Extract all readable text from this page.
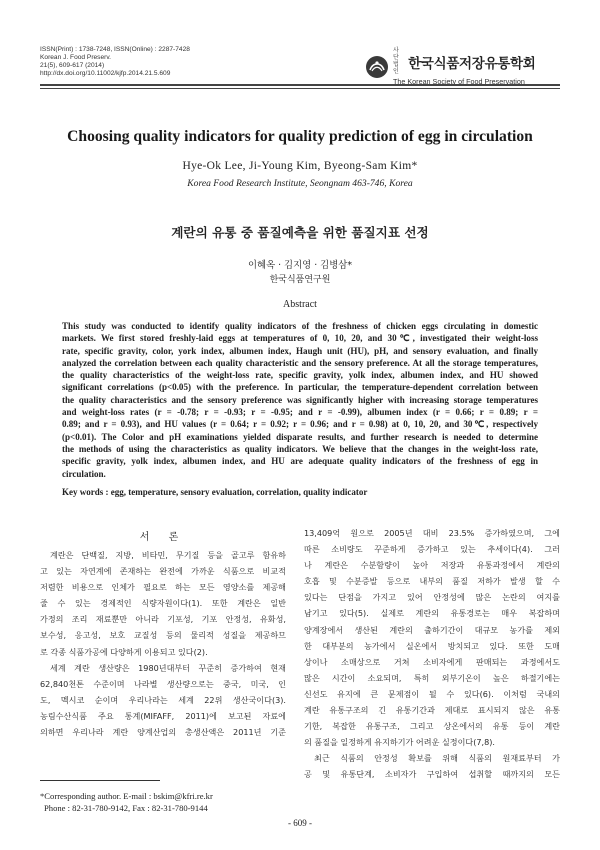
ISSN(Print) : 1738-7248, ISSN(Online) : 2287-7428
Korean J. Food Preserv.
21(5), 609-617 (2014)
http://dx.doi.org/10.11002/kjfp.2014.21.5.609
사단법인 한국식품저장유통학회
The Korean Society of Food Preservation
Choosing quality indicators for quality prediction of egg in circulation
Hye-Ok Lee, Ji-Young Kim, Byeong-Sam Kim*
Korea Food Research Institute, Seongnam 463-746, Korea
계란의 유통 중 품질예측을 위한 품질지표 선정
이혜옥 · 김지영 · 김병삼*
한국식품연구원
Abstract
This study was conducted to identify quality indicators of the freshness of chicken eggs circulating in domestic
markets. We first stored freshly-laid eggs at temperatures of 0, 10, 20, and 30℃, investigated their weight-loss
rate, specific gravity, color, york index, albumen index, Haugh unit (HU), pH, and sensory evaluation, and finally
analyzed the correlation between each quality characteristic and the sensory preference. At all the storage temperatures,
the quality characteristics of the weight-loss rate, specific gravity, yolk index, albumen index, and HU showed
significant correlations (p<0.05) with the preference. In particular, the temperature-dependent correlation between
the quality characteristics and the sensory preference was significantly higher with increasing storage temperatures
and weight-loss rates (r = -0.78; r = -0.93; r = -0.95; and r = -0.99), albumen index (r = 0.66; r = 0.89; r =
0.89; and r = 0.93), and HU values (r = 0.64; r = 0.92; r = 0.96; and r = 0.98) at 0, 10, 20, and 30℃, respectively
(p<0.01). The Color and pH examinations yielded disparate results, and further research is needed to determine
the methods of using the characteristics as quality indicators. We believe that the changes in the weight-loss rate,
specific gravity, yolk index, albumen index, and HU are adequate quality indicators of the freshness of egg in
circulation.
Key words : egg, temperature, sensory evaluation, correlation, quality indicator
서 론
계란은 단백질, 지방, 비타민, 무기질 등을 골고루 함유하
고 있는 자연계에 존재하는 완전에 가까운 식품으로 비교적
저렴한 비용으로 인체가 필요로 하는 모든 영양소를 제공해
줄 수 있는 경제적인 식량자원이다(1). 또한 계란은 일반
가정의 조리 재료뿐만 아니라 기포성, 기포 안정성, 유화성,
보수성, 응고성, 보호 교질성 등의 물리적 성질을 제공하므
로 각종 식품가공에 다양하게 이용되고 있다(2).
세계 계란 생산량은 1980년대부터 꾸준히 증가하여 현재
62,840천톤 수준이며 나라별 생산량으로는 중국, 미국, 인
도, 멕시코 순이며 우리나라는 세계 22위 생산국이다(3).
농림수산식품 주요 통계(MIFAFF, 2011)에 보고된 자료에
의하면 우리나라 계란 양계산업의 총생산액은 2011년 기준
13,409억 원으로 2005년 대비 23.5% 증가하였으며, 그에
따른 소비량도 꾸준하게 증가하고 있는 추세이다(4). 그러
나 계란은 수분함량이 높아 저장과 유통과정에서 계란의
호흡 및 수분증발 등으로 내부의 품질 저하가 발생 할 수
있다는 단점을 가지고 있어 안정성에 많은 논란의 여지를
남기고 있다(5). 실제로 계란의 유통경로는 매우 복잡하며
양계장에서 생산된 계란의 출하기간이 대규모 농가를 제외
한 대부분의 농가에서 실온에서 방치되고 있다. 또한 도매
상이나 소매상으로 거쳐 소비자에게 판매되는 과정에서도
많은 시간이 소요되며, 특히 외부기온이 높은 하절기에는
신선도 유지에 큰 문제점이 될 수 있다(6). 이처럼 국내의
계란 유통구조의 긴 유통기간과 제대로 표시되지 않은 유통
기한, 복잡한 유통구조, 그리고 상온에서의 유통 등이 계란
의 품질을 일정하게 유지하기가 어려운 실정이다(7,8).
최근 식품의 안정성 확보를 위해 식품의 원재료부터 가
공 및 유통단계, 소비자가 구입하여 섭취할 때까지의 모든
*Corresponding author. E-mail : bskim@kfri.re.kr
Phone : 82-31-780-9142, Fax : 82-31-780-9144
- 609 -
